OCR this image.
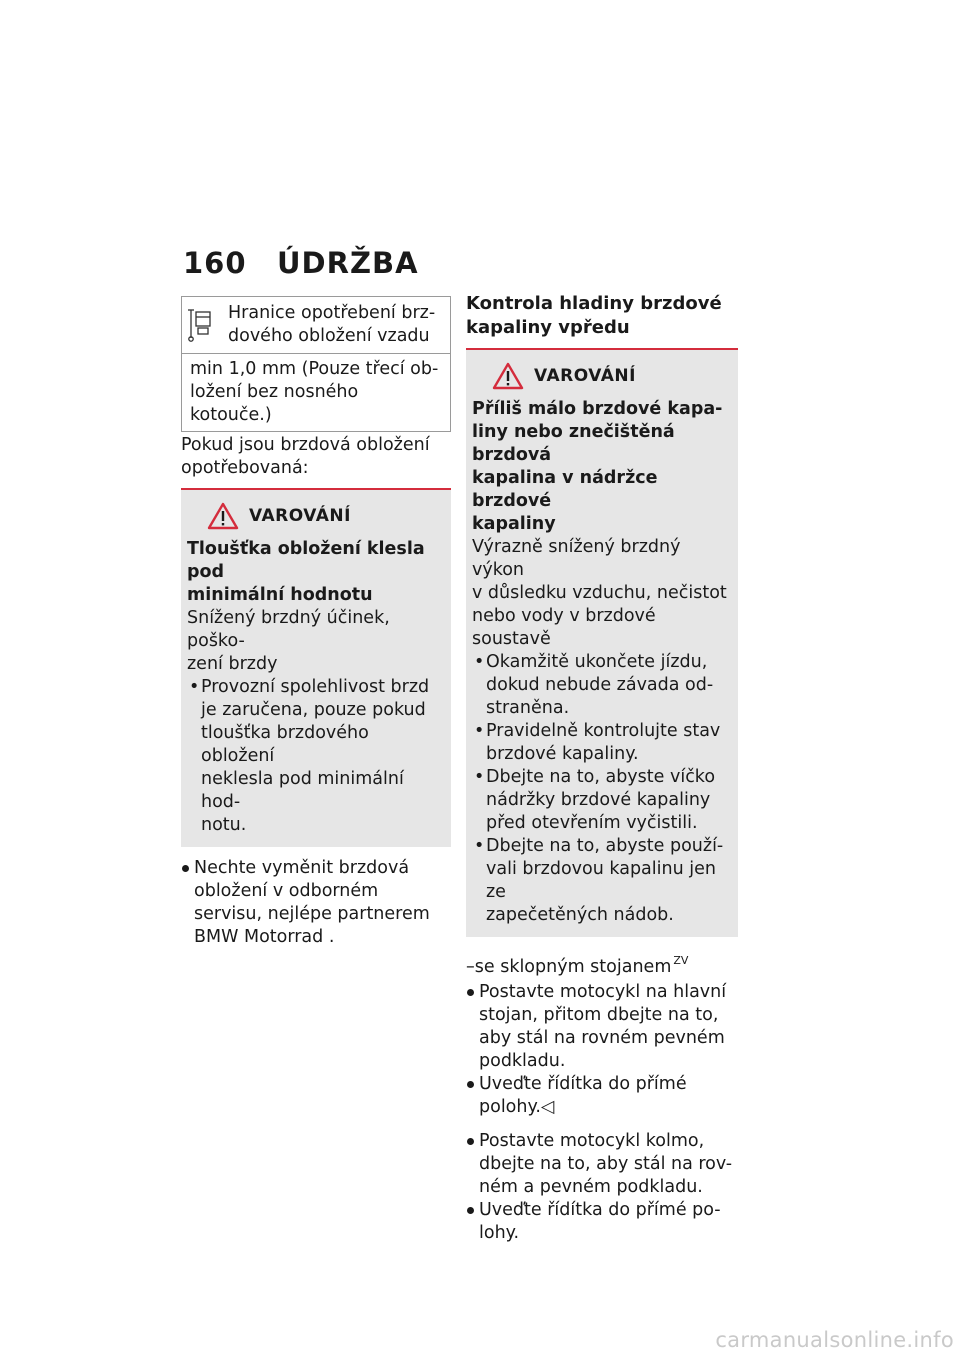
160 ÚDRŽBA
Hranice opotřebení brz-
dového obložení vzadu
min 1,0 mm (Pouze třecí ob-
ložení bez nosného kotouče.)
Pokud jsou brzdová obložení
opotřebovaná:
VAROVÁNÍ
Tloušťka obložení klesla pod
minimální hodnotu
Snížený brzdný účinek, poško-
zení brzdy
• Provozní spolehlivost brzd
je zaručena, pouze pokud
tloušťka brzdového obložení
neklesla pod minimální hod-
notu.
Nechte vyměnit brzdová
obložení v odborném
servisu, nejlépe partnerem
BMW Motorrad .
Kontrola hladiny brzdové
kapaliny vpředu
VAROVÁNÍ
Příliš málo brzdové kapa-
liny nebo znečištěná brzdová
kapalina v nádržce brzdové
kapaliny
Výrazně snížený brzdný výkon
v důsledku vzduchu, nečistot
nebo vody v brzdové soustavě
• Okamžitě ukončete jízdu,
dokud nebude závada od-
straněna.
• Pravidelně kontrolujte stav
brzdové kapaliny.
• Dbejte na to, abyste víčko
nádržky brzdové kapaliny
před otevřením vyčistili.
• Dbejte na to, abyste použí-
vali brzdovou kapalinu jen ze
zapečetěných nádob.
–se sklopným stojanem $^{ZV}$
Postavte motocykl na hlavní
stojan, přitom dbejte na to,
aby stál na rovném pevném
podkladu.
Uveďte řídítka do přímé
polohy.◁
Postavte motocykl kolmo,
dbejte na to, aby stál na rov-
ném a pevném podkladu.
Uveďte řídítka do přímé po-
lohy.
carmanualsonline.info
